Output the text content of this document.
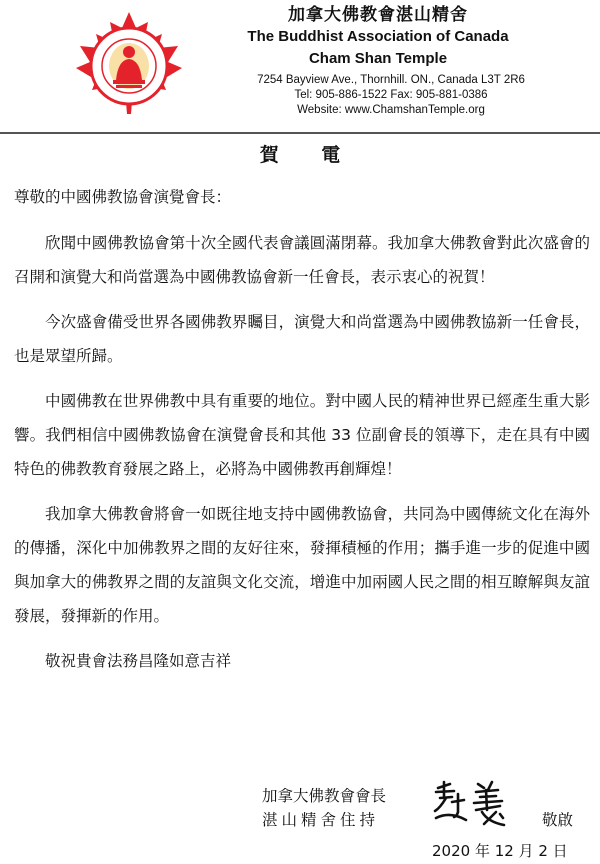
加拿大佛教會湛山精舍
The Buddhist Association of Canada
Cham Shan Temple
7254 Bayview Ave., Thornhill. ON., Canada L3T 2R6
Tel: 905-886-1522 Fax: 905-881-0386
Website: www.ChamshanTemple.org
賀 電

尊敬的中國佛教協會演覺會長：

欣聞中國佛教協會第十次全國代表會議圓滿閉幕。我加拿大佛教會對此次盛會的召開和演覺大和尚當選為中國佛教協會新一任會長，表示衷心的祝賀！

今次盛會備受世界各國佛教界矚目，演覺大和尚當選為中國佛教協新一任會長，也是眾望所歸。

中國佛教在世界佛教中具有重要的地位。對中國人民的精神世界已經產生重大影響。我們相信中國佛教協會在演覺會長和其他 33 位副會長的領導下，走在具有中國特色的佛教教育發展之路上，必將為中國佛教再創輝煌！

我加拿大佛教會將會一如既往地支持中國佛教協會，共同為中國傳統文化在海外的傳播，深化中加佛教界之間的友好往來，發揮積極的作用；攜手進一步的促進中國與加拿大的佛教界之間的友誼與文化交流，增進中加兩國人民之間的相互瞭解與友誼發展，發揮新的作用。

敬祝貴會法務昌隆如意吉祥

加拿大佛教會會長
湛山精舍住持	敬啟
2020 年 12 月 2 日
